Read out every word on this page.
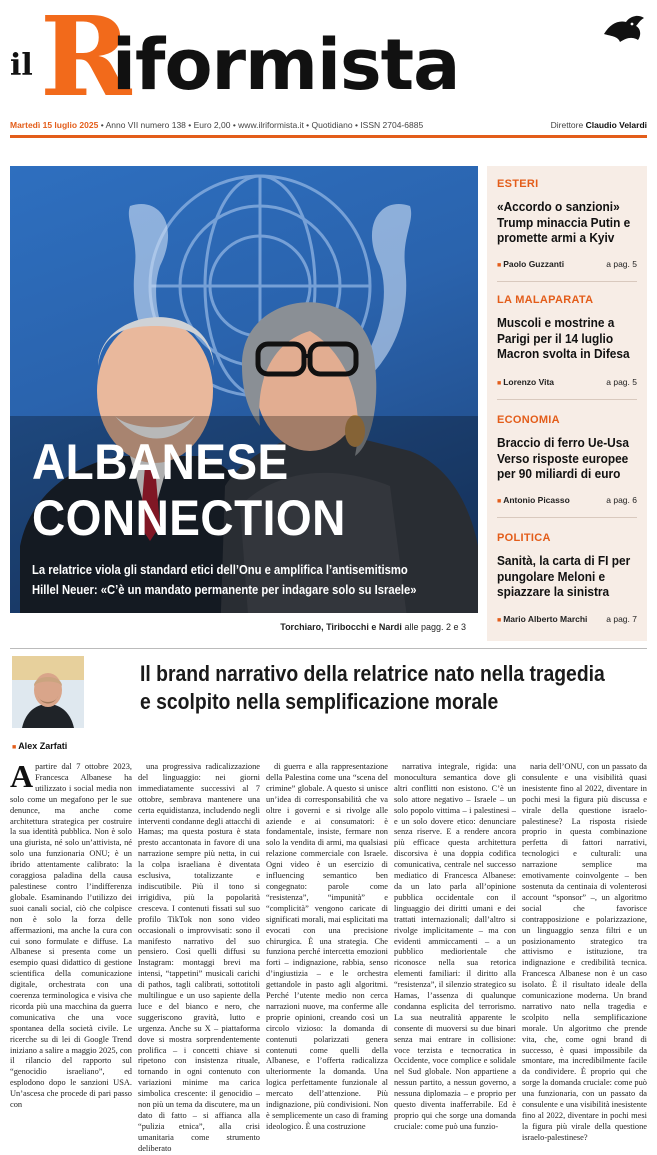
il R
iformista
Martedì 15 luglio 2025 • Anno VII numero 138 • Euro 2,00 • www.ilriformista.it • Quotidiano • ISSN 2704-6885	Direttore Claudio Velardi
ALBANESE
CONNECTION
La relatrice viola gli standard etici dell’Onu e amplifica l’antisemitismo
Hillel Neuer: «C’è un mandato permanente per indagare solo su Israele»
Torchiaro, Tiribocchi e Nardi alle pagg. 2 e 3
ESTERI
«Accordo o sanzioni» Trump minaccia Putin e promette armi a Kyiv
■ Paolo Guzzanti	a pag. 5
LA MALAPARATA
Muscoli e mostrine a Parigi per il 14 luglio Macron svolta in Difesa
■ Lorenzo Vita	a pag. 5
ECONOMIA
Braccio di ferro Ue-Usa Verso risposte europee per 90 miliardi di euro
■ Antonio Picasso	a pag. 6
POLITICA
Sanità, la carta di FI per pungolare Meloni e spiazzare la sinistra
■ Mario Alberto Marchi a pag. 7
■ Alex Zarfati
Il brand narrativo della relatrice nato nella tragedia
e scolpito nella semplificazione morale

Apartire dal 7 ottobre 2023, Francesca Albanese ha utilizzato i social media non solo come un megafono per le sue denunce, ma anche come architettura strategica per costruire la sua identità pubblica. Non è solo una giurista, né solo un’attivista, né solo una funzionaria ONU; è un ibrido attentamente calibrato: la coraggiosa paladina della causa palestinese contro l’indifferenza globale. Esaminando l’utilizzo dei suoi canali social, ciò che colpisce non è solo la forza delle affermazioni, ma anche la cura con cui sono formulate e diffuse. La Albanese si presenta come un esempio quasi didattico di gestione scientifica della comunicazione digitale, orchestrata con una coerenza terminologica e visiva che ricorda più una macchina da guerra comunicativa che una voce spontanea della società civile. Le ricerche su di lei di Google Trend iniziano a salire a maggio 2025, con il rilancio del rapporto sul “genocidio israeliano”, ed esplodono dopo le sanzioni USA. Un’ascesa che procede di pari passo con

una progressiva radicalizzazione del linguaggio: nei giorni immediatamente successivi al 7 ottobre, sembrava mantenere una certa equidistanza, includendo negli interventi condanne degli attacchi di Hamas; ma questa postura è stata presto accantonata in favore di una narrazione sempre più netta, in cui la colpa israeliana è diventata esclusiva, totalizzante e indiscutibile. Più il tono si irrigidiva, più la popolarità cresceva. I contenuti fissati sul suo profilo TikTok non sono video occasionali o improvvisati: sono il manifesto narrativo del suo pensiero. Così quelli diffusi su Instagram: montaggi brevi ma intensi, “tappetini” musicali carichi di pathos, tagli calibrati, sottotitoli multilingue e un uso sapiente della luce e del bianco e nero, che suggeriscono gravità, lutto e urgenza. Anche su X – piattaforma dove si mostra sorprendentemente prolifica – i concetti chiave si ripetono con insistenza rituale, tornando in ogni contenuto con variazioni minime ma carica simbolica crescente: il genocidio – non più un tema da discutere, ma un dato di fatto – si affianca alla “pulizia etnica”, alla crisi umanitaria come strumento deliberato

di guerra e alla rappresentazione della Palestina come una “scena del crimine” globale. A questo si unisce un’idea di corresponsabilità che va oltre i governi e si rivolge alle aziende e ai consumatori: è fondamentale, insiste, fermare non solo la vendita di armi, ma qualsiasi relazione commerciale con Israele. Ogni video è un esercizio di influencing semantico ben congegnato: parole come “resistenza”, “impunità” e “complicità” vengono caricate di significati morali, mai esplicitati ma evocati con una precisione chirurgica. È una strategia. Che funziona perché intercetta emozioni forti – indignazione, rabbia, senso d’ingiustizia – e le orchestra gettandole in pasto agli algoritmi. Perché l’utente medio non cerca narrazioni nuove, ma conferme alle proprie opinioni, creando così un circolo vizioso: la domanda di contenuti polarizzati genera contenuti come quelli della Albanese, e l’offerta radicalizza ulteriormente la domanda. Una logica perfettamente funzionale al mercato dell’attenzione. Più indignazione, più condivisioni. Non è semplicemente un caso di framing ideologico. È una costruzione

narrativa integrale, rigida: una monocultura semantica dove gli altri conflitti non esistono. C’è un solo attore negativo – Israele – un solo popolo vittima – i palestinesi – e un solo dovere etico: denunciare senza riserve. E a rendere ancora più efficace questa architettura discorsiva è una doppia codifica comunicativa, centrale nel successo mediatico di Francesca Albanese: da un lato parla all’opinione pubblica occidentale con il linguaggio dei diritti umani e dei trattati internazionali; dall’altro si rivolge implicitamente – ma con evidenti ammiccamenti – a un pubblico mediorientale che riconosce nella sua retorica elementi familiari: il diritto alla “resistenza”, il silenzio strategico su Hamas, l’assenza di qualunque condanna esplicita del terrorismo. La sua neutralità apparente le consente di muoversi su due binari senza mai entrare in collisione: voce terzista e tecnocratica in Occidente, voce complice e solidale nel Sud globale. Non appartiene a nessun partito, a nessun governo, a nessuna diplomazia – e proprio per questo diventa inafferrabile. Ed è proprio qui che sorge una domanda cruciale: come può una funzio-

naria dell’ONU, con un passato da consulente e una visibilità quasi inesistente fino al 2022, diventare in pochi mesi la figura più discussa e virale della questione israelo-palestinese? La risposta risiede proprio in questa combinazione perfetta di fattori narrativi, tecnologici e culturali: una narrazione semplice ma emotivamente coinvolgente – ben sostenuta da centinaia di volenterosi account “sponsor” –, un algoritmo social che favorisce contrapposizione e polarizzazione, un linguaggio senza filtri e un posizionamento strategico tra attivismo e istituzione, tra indignazione e credibilità tecnica. Francesca Albanese non è un caso isolato. È il risultato ideale della comunicazione moderna. Un brand narrativo nato nella tragedia e scolpito nella semplificazione morale. Un algoritmo che prende vita, che, come ogni brand di successo, è quasi impossibile da smontare, ma incredibilmente facile da condividere. È proprio qui che sorge la domanda cruciale: come può una funzionaria, con un passato da consulente e una visibilità inesistente fino al 2022, diventare in pochi mesi la figura più virale della questione israelo-palestinese?
